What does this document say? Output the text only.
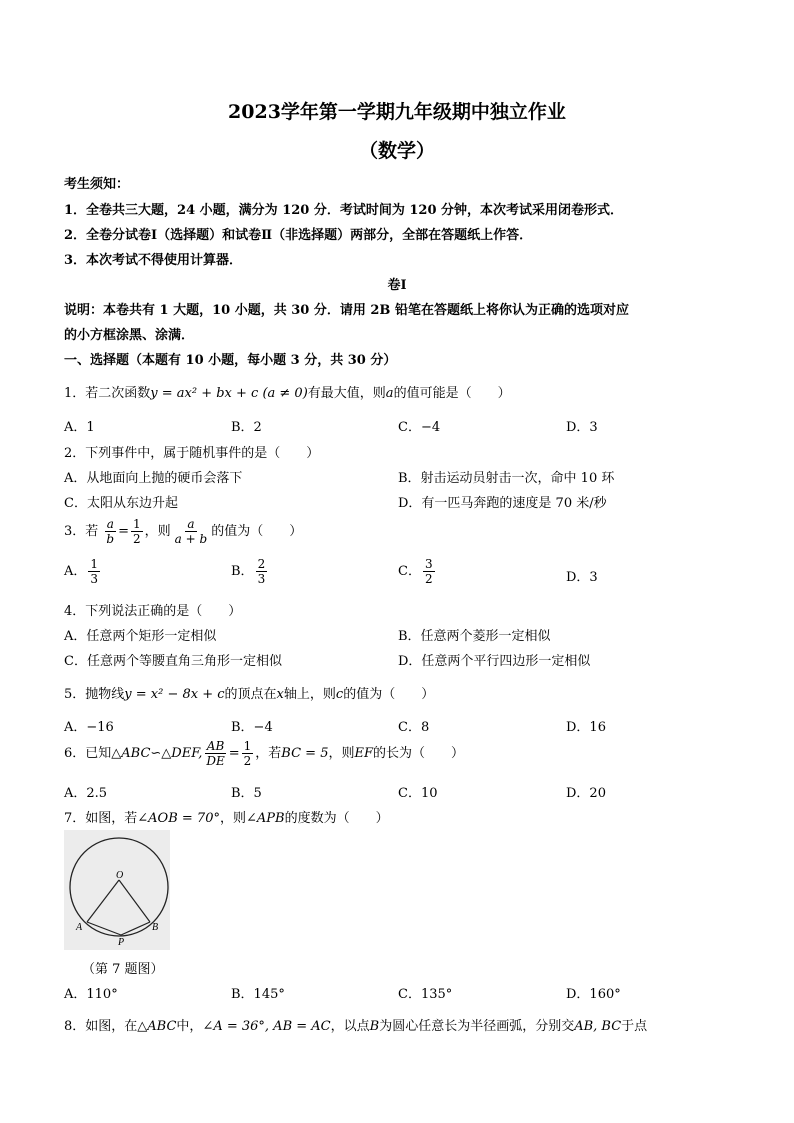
2023学年第一学期九年级期中独立作业
（数学）
考生须知：
1．全卷共三大题，24 小题，满分为 120 分．考试时间为 120 分钟，本次考试采用闭卷形式．
2．全卷分试卷Ⅰ（选择题）和试卷Ⅱ（非选择题）两部分，全部在答题纸上作答．
3．本次考试不得使用计算器．
卷Ⅰ
说明：本卷共有 1 大题，10 小题，共 30 分．请用 2B 铅笔在答题纸上将你认为正确的选项对应
的小方框涂黑、涂满．
一、选择题（本题有 10 小题，每小题 3 分，共 30 分）
1．若二次函数y = ax² + bx + c (a ≠ 0)有最大值，则a的值可能是（　　）
A．1	B．2	C．−4	D．3
2．下列事件中，属于随机事件的是（　　）
A．从地面向上抛的硬币会落下	B．射击运动员射击一次，命中 10 环
C．太阳从东边升起	D．有一匹马奔跑的速度是 70 米/秒
3．若 $\frac{a}{b} = \frac{1}{2}$ ，则 $\frac{a}{a + b}$ 的值为（　　）
A． $\frac{1}{3}$	B． $\frac{2}{3}$	C． $\frac{3}{2}$	D．3
4．下列说法正确的是（　　）
A．任意两个矩形一定相似	B．任意两个菱形一定相似
C．任意两个等腰直角三角形一定相似	D．任意两个平行四边形一定相似
5．抛物线y = x² − 8x + c的顶点在x轴上，则c的值为（　　）
A．−16	B．−4	C．8	D．16
6．已知△ABC∽△DEF, $\frac{AB}{DE} = \frac{1}{2}$ ，若BC = 5，则EF的长为（　　）
A．2.5	B．5	C．10	D．20
7．如图，若∠AOB = 70°，则∠APB的度数为（　　）
O
A	B
P
（第 7 题图）
A．110°	B．145°	C．135°	D．160°
8．如图，在△ABC中，∠A = 36°, AB = AC，以点B为圆心任意长为半径画弧，分别交AB, BC于点
